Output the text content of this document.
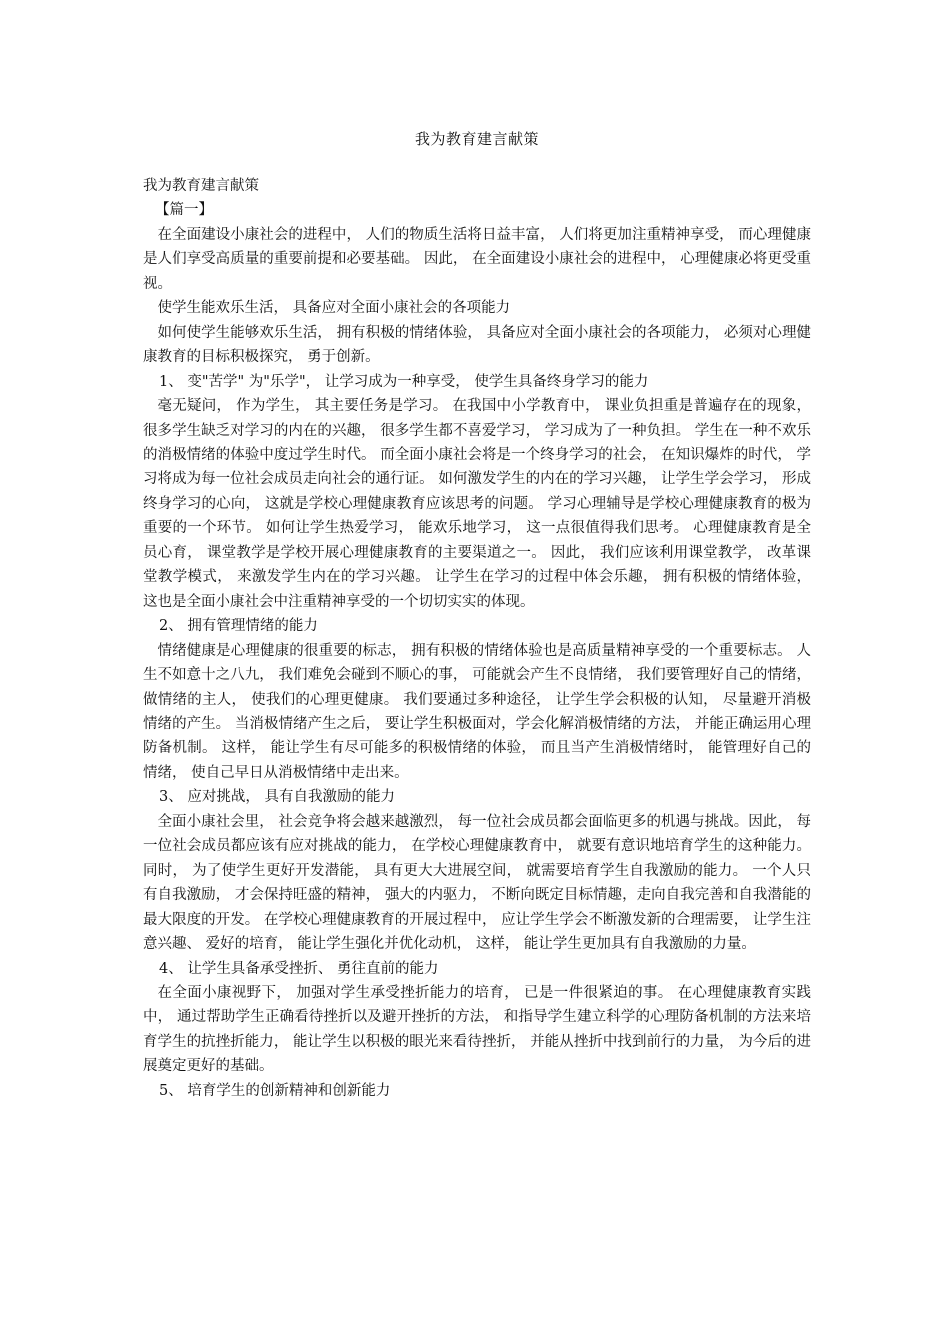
我为教育建言献策

我为教育建言献策

【篇一】

在全面建设小康社会的进程中， 人们的物质生活将日益丰富， 人们将更加注重精神享受， 而心理健康是人们享受高质量的重要前提和必要基础。 因此， 在全面建设小康社会的进程中， 心理健康必将更受重视。

使学生能欢乐生活， 具备应对全面小康社会的各项能力

如何使学生能够欢乐生活， 拥有积极的情绪体验， 具备应对全面小康社会的各项能力， 必须对心理健康教育的目标积极探究， 勇于创新。

1、 变"苦学" 为"乐学"， 让学习成为一种享受， 使学生具备终身学习的能力

毫无疑问， 作为学生， 其主要任务是学习。 在我国中小学教育中， 课业负担重是普遍存在的现象， 很多学生缺乏对学习的内在的兴趣， 很多学生都不喜爱学习， 学习成为了一种负担。 学生在一种不欢乐的消极情绪的体验中度过学生时代。 而全面小康社会将是一个终身学习的社会， 在知识爆炸的时代， 学习将成为每一位社会成员走向社会的通行证。 如何激发学生的内在的学习兴趣， 让学生学会学习， 形成终身学习的心向， 这就是学校心理健康教育应该思考的问题。 学习心理辅导是学校心理健康教育的极为重要的一个环节。 如何让学生热爱学习， 能欢乐地学习， 这一点很值得我们思考。 心理健康教育是全员心育， 课堂教学是学校开展心理健康教育的主要渠道之一。 因此， 我们应该利用课堂教学， 改革课堂教学模式， 来激发学生内在的学习兴趣。 让学生在学习的过程中体会乐趣， 拥有积极的情绪体验， 这也是全面小康社会中注重精神享受的一个切切实实的体现。

2、 拥有管理情绪的能力

情绪健康是心理健康的很重要的标志， 拥有积极的情绪体验也是高质量精神享受的一个重要标志。 人生不如意十之八九， 我们难免会碰到不顺心的事， 可能就会产生不良情绪， 我们要管理好自己的情绪， 做情绪的主人， 使我们的心理更健康。 我们要通过多种途径， 让学生学会积极的认知， 尽量避开消极情绪的产生。 当消极情绪产生之后， 要让学生积极面对，学会化解消极情绪的方法， 并能正确运用心理防备机制。 这样， 能让学生有尽可能多的积极情绪的体验， 而且当产生消极情绪时， 能管理好自己的情绪， 使自己早日从消极情绪中走出来。

3、 应对挑战， 具有自我激励的能力

全面小康社会里， 社会竞争将会越来越激烈， 每一位社会成员都会面临更多的机遇与挑战。因此， 每一位社会成员都应该有应对挑战的能力， 在学校心理健康教育中， 就要有意识地培育学生的这种能力。 同时， 为了使学生更好开发潜能， 具有更大大进展空间， 就需要培育学生自我激励的能力。 一个人只有自我激励， 才会保持旺盛的精神， 强大的内驱力， 不断向既定目标情趣，走向自我完善和自我潜能的最大限度的开发。 在学校心理健康教育的开展过程中， 应让学生学会不断激发新的合理需要， 让学生注意兴趣、 爱好的培育， 能让学生强化并优化动机， 这样， 能让学生更加具有自我激励的力量。

4、 让学生具备承受挫折、 勇往直前的能力

在全面小康视野下， 加强对学生承受挫折能力的培育， 已是一件很紧迫的事。 在心理健康教育实践中， 通过帮助学生正确看待挫折以及避开挫折的方法， 和指导学生建立科学的心理防备机制的方法来培育学生的抗挫折能力， 能让学生以积极的眼光来看待挫折， 并能从挫折中找到前行的力量， 为今后的进展奠定更好的基础。

5、 培育学生的创新精神和创新能力
